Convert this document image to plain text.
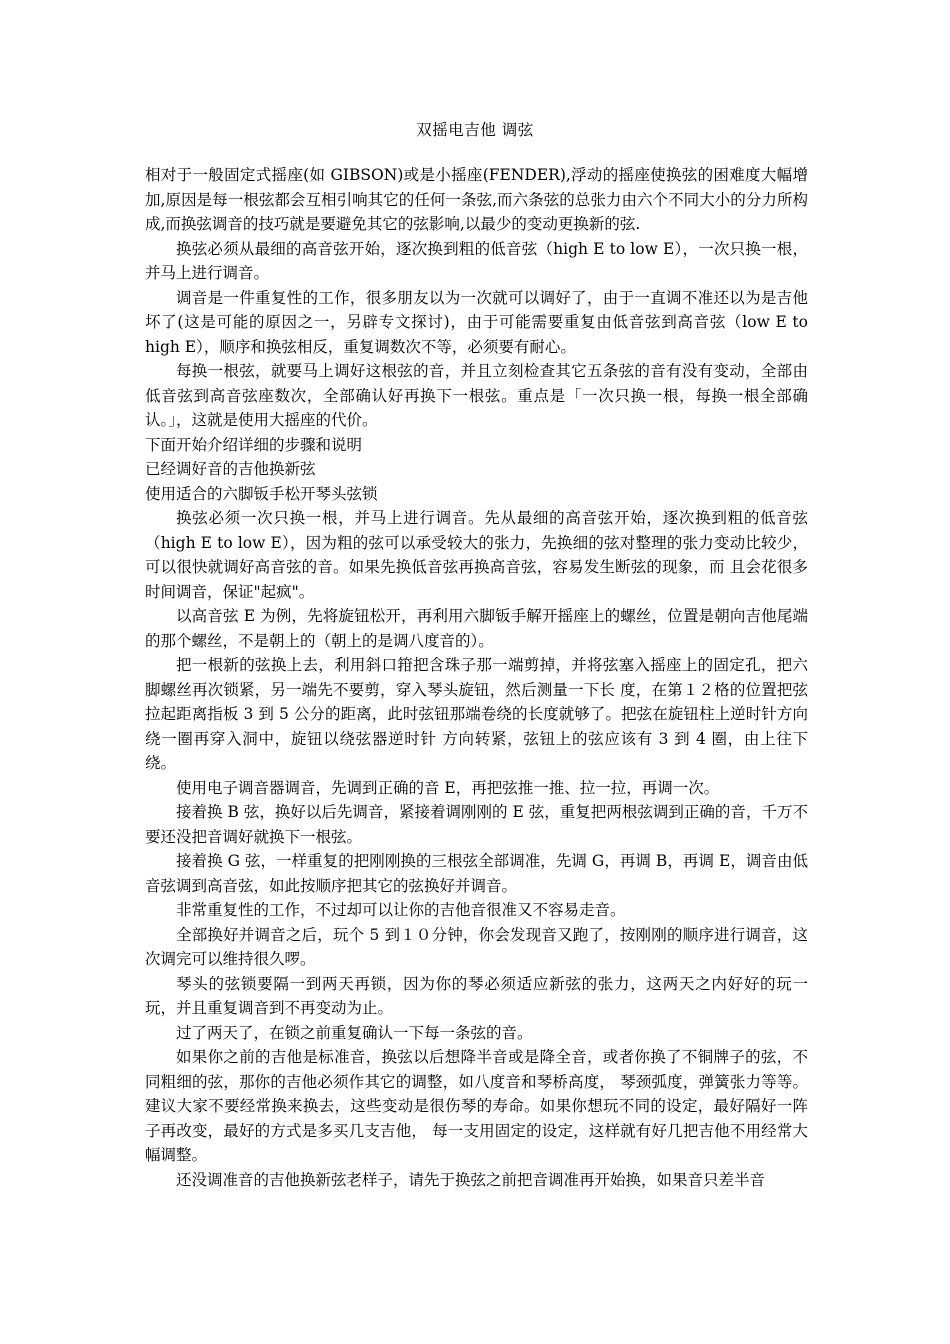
双摇电吉他 调弦

相对于一般固定式摇座(如 GIBSON)或是小摇座(FENDER),浮动的摇座使换弦的困难度大幅增加,原因是每一根弦都会互相引响其它的任何一条弦,而六条弦的总张力由六个不同大小的分力所构成,而换弦调音的技巧就是要避免其它的弦影响,以最少的变动更换新的弦.

换弦必须从最细的高音弦开始，逐次换到粗的低音弦（high E to low E），一次只换一根，并马上进行调音。

调音是一件重复性的工作，很多朋友以为一次就可以调好了，由于一直调不准还以为是吉他坏了(这是可能的原因之一，另辟专文探讨)，由于可能需要重复由低音弦到高音弦（low E to high E），顺序和换弦相反，重复调数次不等，必须要有耐心。

每换一根弦，就要马上调好这根弦的音，并且立刻检查其它五条弦的音有没有变动，全部由低音弦到高音弦座数次，全部确认好再换下一根弦。重点是「一次只换一根，每换一根全部确认。」，这就是使用大摇座的代价。

下面开始介绍详细的步骤和说明

已经调好音的吉他换新弦

使用适合的六脚钣手松开琴头弦锁

换弦必须一次只换一根，并马上进行调音。先从最细的高音弦开始，逐次换到粗的低音弦（high E to low E），因为粗的弦可以承受较大的张力，先换细的弦对整理的张力变动比较少，可以很快就调好高音弦的音。如果先换低音弦再换高音弦，容易发生断弦的现象，而 且会花很多时间调音，保证"起疯"。

以高音弦 E 为例，先将旋钮松开，再利用六脚钣手解开摇座上的螺丝，位置是朝向吉他尾端的那个螺丝，不是朝上的（朝上的是调八度音的）。

把一根新的弦换上去，利用斜口箝把含珠子那一端剪掉，并将弦塞入摇座上的固定孔，把六脚螺丝再次锁紧，另一端先不要剪，穿入琴头旋钮，然后测量一下长 度，在第１２格的位置把弦拉起距离指板 3 到 5 公分的距离，此时弦钮那端卷绕的长度就够了。把弦在旋钮柱上逆时针方向绕一圈再穿入洞中，旋钮以绕弦器逆时针 方向转紧，弦钮上的弦应该有 3 到 4 圈，由上往下绕。

使用电子调音器调音，先调到正确的音 E，再把弦推一推、拉一拉，再调一次。

接着换 B 弦，换好以后先调音，紧接着调刚刚的 E 弦，重复把两根弦调到正确的音，千万不要还没把音调好就换下一根弦。

接着换 G 弦，一样重复的把刚刚换的三根弦全部调准，先调 G，再调 B，再调 E，调音由低音弦调到高音弦，如此按顺序把其它的弦换好并调音。

非常重复性的工作，不过却可以让你的吉他音很准又不容易走音。

全部换好并调音之后，玩个 5 到１０分钟，你会发现音又跑了，按刚刚的顺序进行调音，这次调完可以维持很久啰。

琴头的弦锁要隔一到两天再锁，因为你的琴必须适应新弦的张力，这两天之内好好的玩一玩，并且重复调音到不再变动为止。

过了两天了，在锁之前重复确认一下每一条弦的音。

如果你之前的吉他是标准音，换弦以后想降半音或是降全音，或者你换了不铜牌子的弦，不同粗细的弦，那你的吉他必须作其它的调整，如八度音和琴桥高度， 琴颈弧度，弹簧张力等等。建议大家不要经常换来换去，这些变动是很伤琴的寿命。如果你想玩不同的设定，最好隔好一阵子再改变，最好的方式是多买几支吉他， 每一支用固定的设定，这样就有好几把吉他不用经常大幅调整。

还没调准音的吉他换新弦老样子，请先于换弦之前把音调准再开始换，如果音只差半音
